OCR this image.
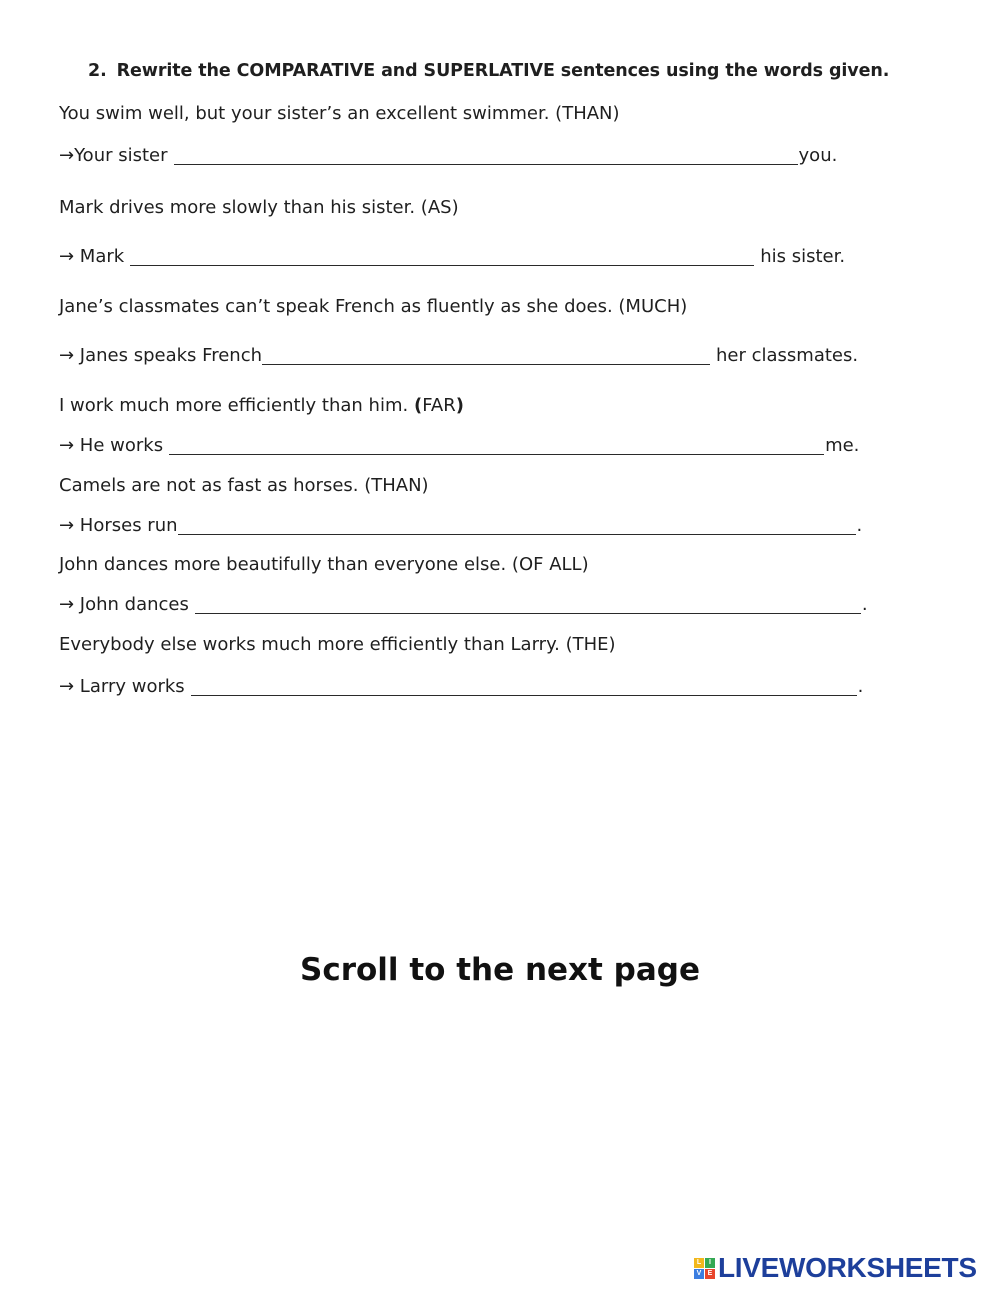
2. Rewrite the COMPARATIVE and SUPERLATIVE sentences using the words given.
You swim well, but your sister’s an excellent swimmer. (THAN)
→Your sister	you.
Mark drives more slowly than his sister. (AS)
→ Mark	his sister.
Jane’s classmates can’t speak French as fluently as she does. (MUCH)
→ Janes speaks French	her classmates.
I work much more efficiently than him. (FAR)
→ He works	me.
Camels are not as fast as horses. (THAN)
→ Horses run	.
John dances more beautifully than everyone else. (OF ALL)
→ John dances	.
Everybody else works much more efficiently than Larry. (THE)
→ Larry works	.
Scroll to the next page
L	I
V E LIVEWORKSHEETS
